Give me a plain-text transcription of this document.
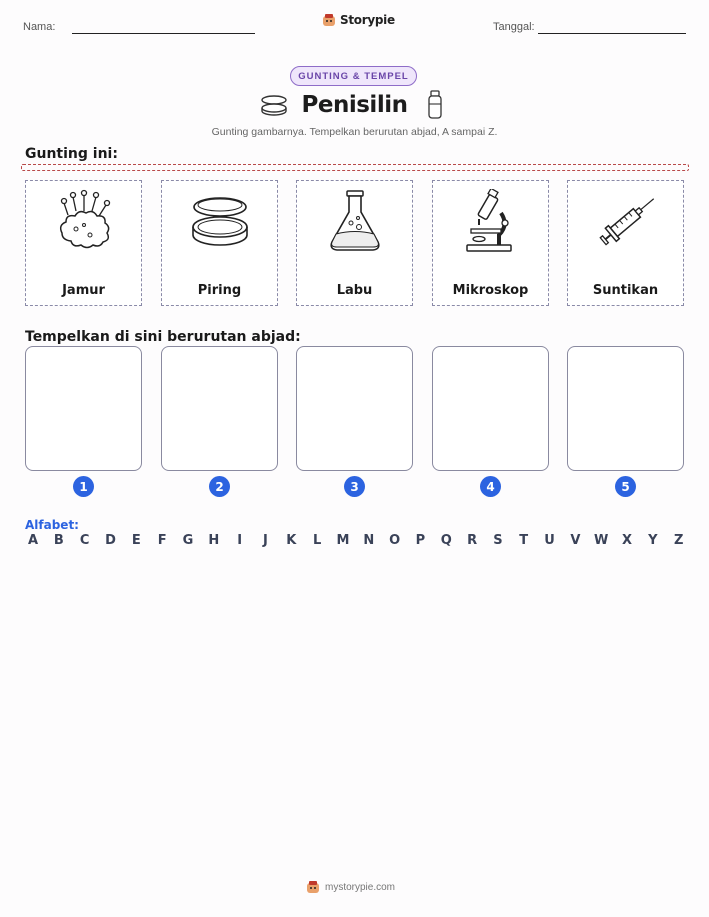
Nama:	Storypie	Tanggal:
GUNTING & TEMPEL
Penisilin
Gunting gambarnya. Tempelkan berurutan abjad, A sampai Z.
Gunting ini:
Jamur	Piring	Labu	Mikroskop	Suntikan
Tempelkan di sini berurutan abjad:
1	2	3	4	5
Alfabet:
A B C D E F G H	I	J	K L M N O P Q R S T U V W X Y Z
mystorypie.com
